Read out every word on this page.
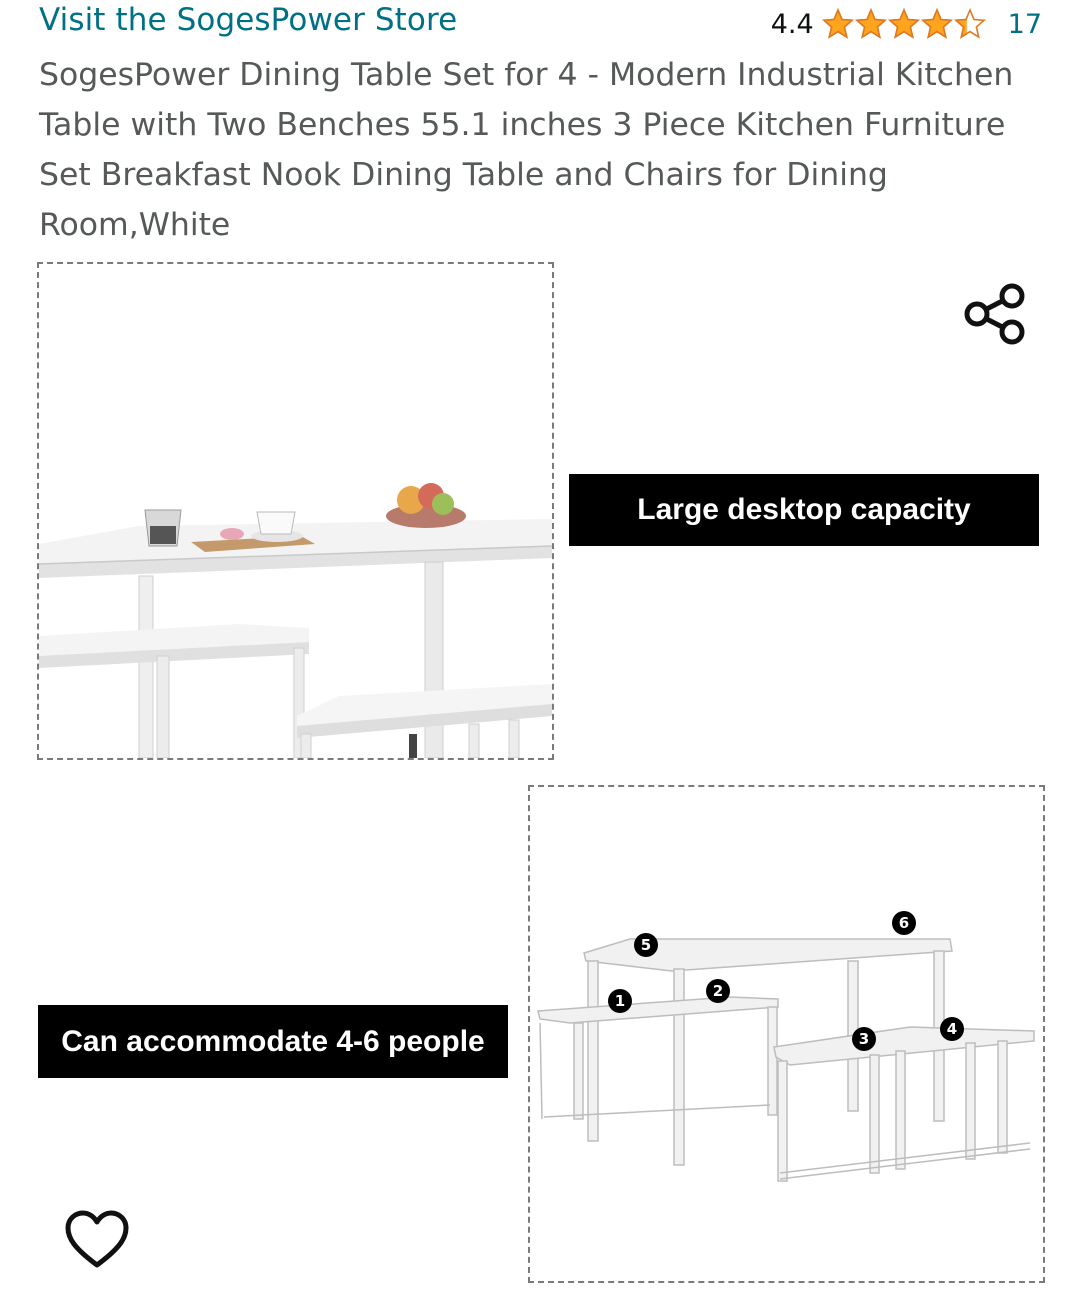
Visit the SogesPower Store	4.4	17
SogesPower Dining Table Set for 4 - Modern Industrial Kitchen Table with Two Benches 55.1 inches 3 Piece Kitchen Furniture Set Breakfast Nook Dining Table and Chairs for Dining Room,White
Large desktop capacity
Can accommodate 4-6 people
1
2
3
4
5
6
